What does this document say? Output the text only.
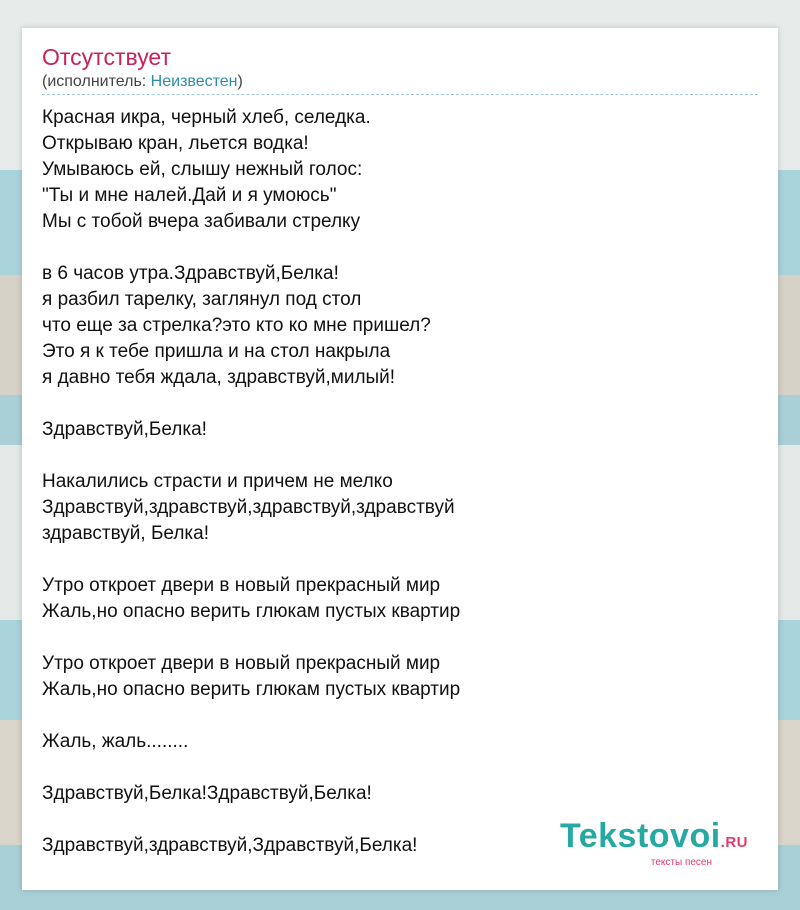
Отсутствует
(исполнитель: Неизвестен)
Красная икра, черный хлеб, селедка.
Открываю кран, льется водка!
Умываюсь ей, слышу нежный голос:
"Ты и мне налей.Дай и я умоюсь"
Мы с тобой вчера забивали стрелку
в 6 часов утра.Здравствуй,Белка!
я разбил тарелку, заглянул под стол
что еще за стрелка?это кто ко мне пришел?
Это я к тебе пришла и на стол накрыла
я давно тебя ждала, здравствуй,милый!
Здравствуй,Белка!
Накалились страсти и причем не мелко
Здравствуй,здравствуй,здравствуй,здравствуй
здравствуй, Белка!
Утро откроет двери в новый прекрасный мир
Жаль,но опасно верить глюкам пустых квартир
Утро откроет двери в новый прекрасный мир
Жаль,но опасно верить глюкам пустых квартир
Жаль, жаль........
Здравствуй,Белка!Здравствуй,Белка!
Здравствуй,здравствуй,Здравствуй,Белка!	Tekstovoi.RU
тексты песен
